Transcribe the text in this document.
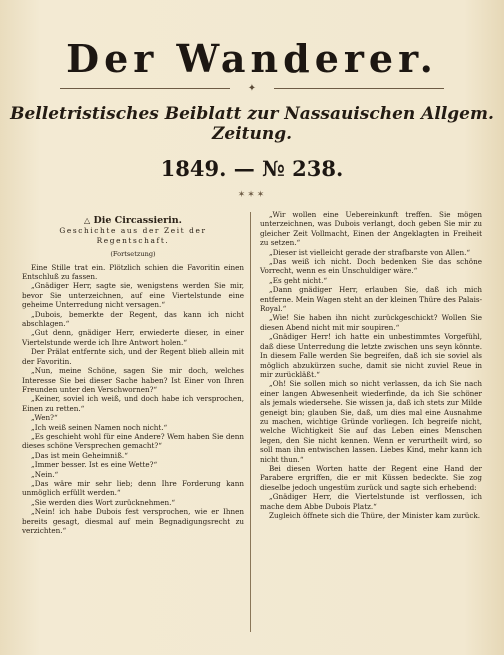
Der Wanderer.
✦
Belletristisches Beiblatt zur Nassauischen Allgem. Zeitung.
1849. — № 238.
✶✶✶
△ Die Circassierin.
Geschichte aus der Zeit der Regentschaft.
(Fortsetzung)

Eine Stille trat ein. Plötzlich schien die Favoritin einen Entschluß zu fassen.

„Gnädiger Herr, sagte sie, wenigstens werden Sie mir, bevor Sie unterzeichnen, auf eine Viertelstunde eine geheime Unterredung nicht versagen.“

„Dubois, bemerkte der Regent, das kann ich nicht abschlagen.“

„Gut denn, gnädiger Herr, erwiederte dieser, in einer Viertelstunde werde ich Ihre Antwort holen.“

Der Prälat entfernte sich, und der Regent blieb allein mit der Favoritin.

„Nun, meine Schöne, sagen Sie mir doch, welches Interesse Sie bei dieser Sache haben? Ist Einer von Ihren Freunden unter den Verschwornen?“

„Keiner, soviel ich weiß, und doch habe ich versprochen, Einen zu retten.“

„Wen?“

„Ich weiß seinen Namen noch nicht.“

„Es geschieht wohl für eine Andere? Wem haben Sie denn dieses schöne Versprechen gemacht?“

„Das ist mein Geheimniß.“

„Immer besser. Ist es eine Wette?“

„Nein.“

„Das wäre mir sehr lieb; denn Ihre Forderung kann unmöglich erfüllt werden.“

„Sie werden dies Wort zurücknehmen.“

„Nein! ich habe Dubois fest versprochen, wie er Ihnen bereits gesagt, diesmal auf mein Begnadigungsrecht zu verzichten.“

„Wir wollen eine Uebereinkunft treffen. Sie mögen unterzeichnen, was Dubois verlangt, doch geben Sie mir zu gleicher Zeit Vollmacht, Einen der Angeklagten in Freiheit zu setzen.“

„Dieser ist vielleicht gerade der strafbarste von Allen.“

„Das weiß ich nicht. Doch bedenken Sie das schöne Vorrecht, wenn es ein Unschuldiger wäre.“

„Es geht nicht.“

„Dann gnädiger Herr, erlauben Sie, daß ich mich entferne. Mein Wagen steht an der kleinen Thüre des Palais-Royal.“

„Wie! Sie haben ihn nicht zurückgeschickt? Wollen Sie diesen Abend nicht mit mir soupiren.“

„Gnädiger Herr! ich hatte ein unbestimmtes Vorgefühl, daß diese Unterredung die letzte zwischen uns seyn könnte. In diesem Falle werden Sie begreifen, daß ich sie soviel als möglich abzukürzen suche, damit sie nicht zuviel Reue in mir zurückläßt.“

„Oh! Sie sollen mich so nicht verlassen, da ich Sie nach einer langen Abwesenheit wiederfinde, da ich Sie schöner als jemals wiedersehe. Sie wissen ja, daß ich stets zur Milde geneigt bin; glauben Sie, daß, um dies mal eine Ausnahme zu machen, wichtige Gründe vorliegen. Ich begreife nicht, welche Wichtigkeit Sie auf das Leben eines Menschen legen, den Sie nicht kennen. Wenn er verurtheilt wird, so soll man ihn entwischen lassen. Liebes Kind, mehr kann ich nicht thun.“

Bei diesen Worten hatte der Regent eine Hand der Parabere ergriffen, die er mit Küssen bedeckte. Sie zog dieselbe jedoch ungestüm zurück und sagte sich erhebend:

„Gnädiger Herr, die Viertelstunde ist verflossen, ich mache dem Abbe Dubois Platz.“

Zugleich öffnete sich die Thüre, der Minister kam zurück.
